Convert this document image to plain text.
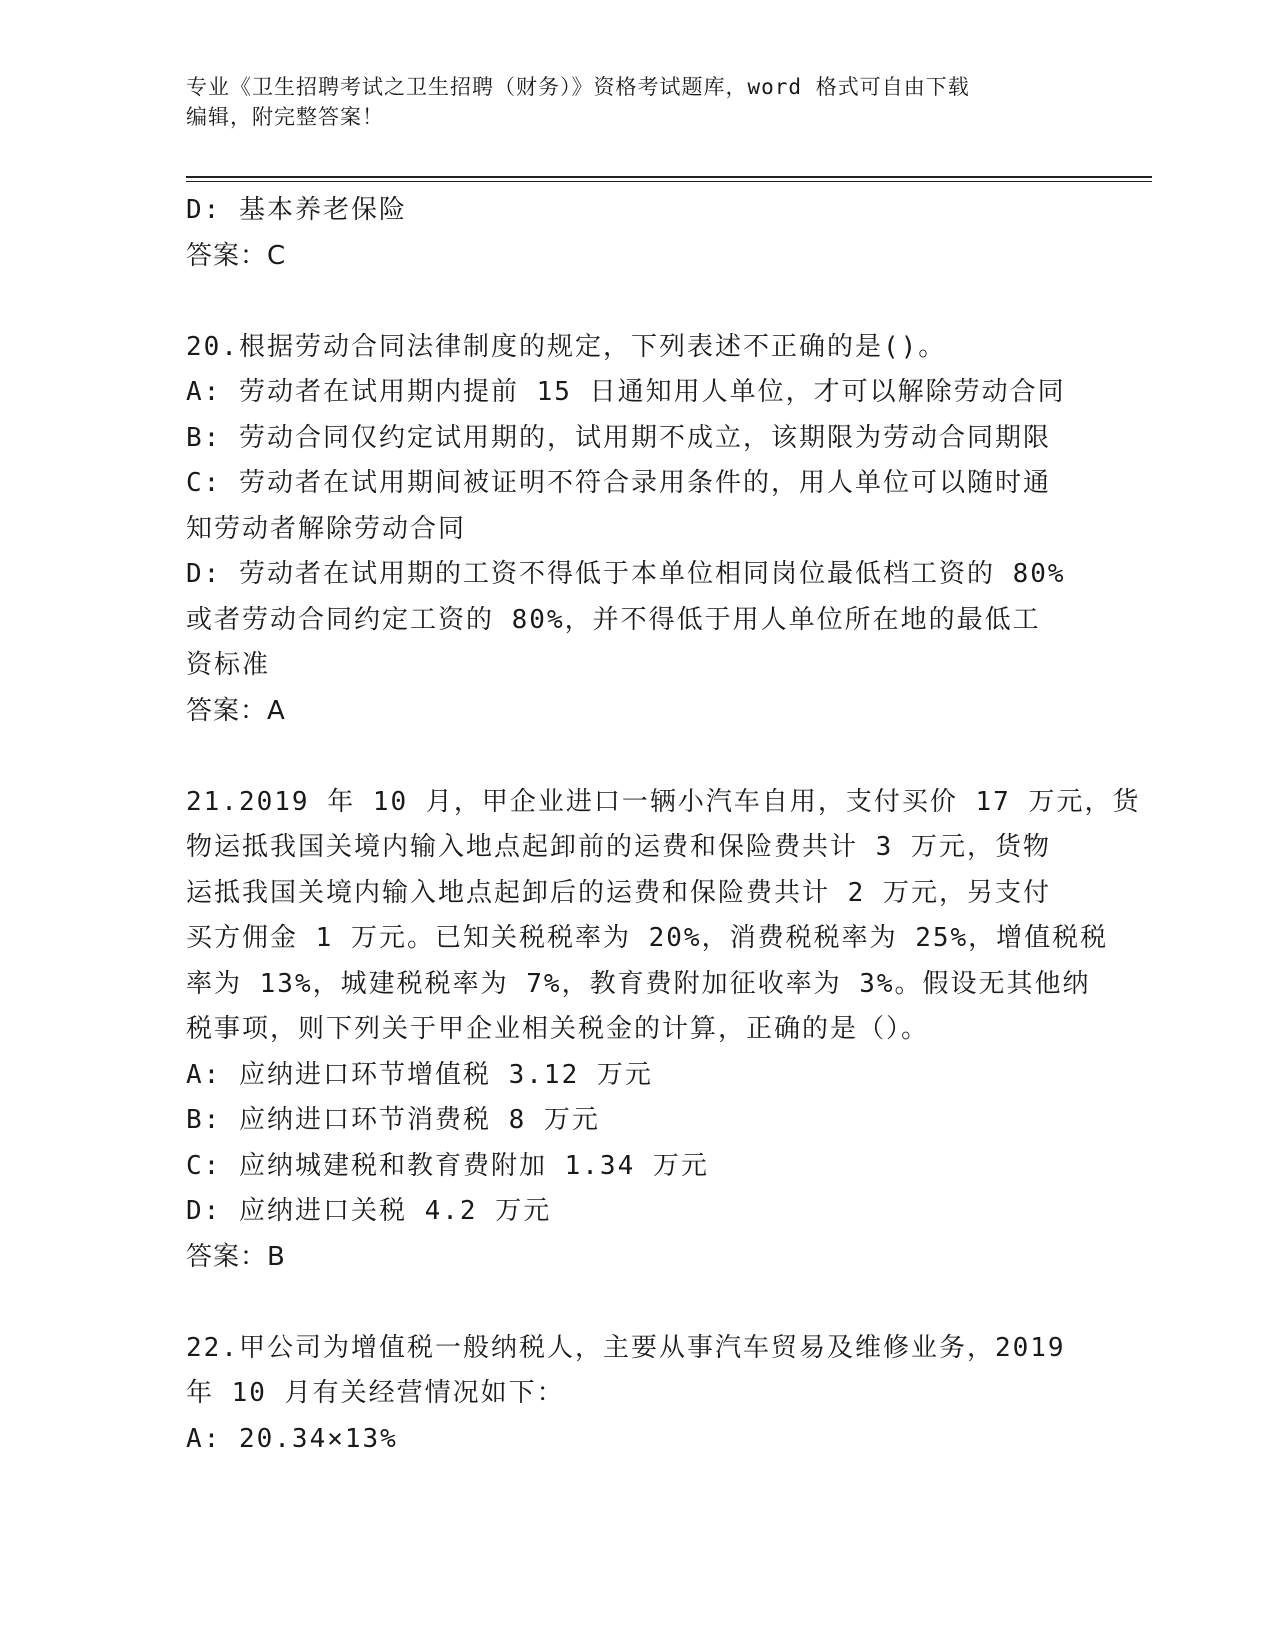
专业《卫生招聘考试之卫生招聘（财务）》资格考试题库，word 格式可自由下载
编辑，附完整答案！
D: 基本养老保险
答案：C
20.根据劳动合同法律制度的规定，下列表述不正确的是()。
A: 劳动者在试用期内提前 15 日通知用人单位，才可以解除劳动合同
B: 劳动合同仅约定试用期的，试用期不成立，该期限为劳动合同期限
C: 劳动者在试用期间被证明不符合录用条件的，用人单位可以随时通
知劳动者解除劳动合同
D: 劳动者在试用期的工资不得低于本单位相同岗位最低档工资的 80%
或者劳动合同约定工资的 80%，并不得低于用人单位所在地的最低工
资标准
答案：A
21.2019 年 10 月，甲企业进口一辆小汽车自用，支付买价 17 万元，货
物运抵我国关境内输入地点起卸前的运费和保险费共计 3 万元，货物
运抵我国关境内输入地点起卸后的运费和保险费共计 2 万元，另支付
买方佣金 1 万元。已知关税税率为 20%，消费税税率为 25%，增值税税
率为 13%，城建税税率为 7%，教育费附加征收率为 3%。假设无其他纳
税事项，则下列关于甲企业相关税金的计算，正确的是（）。
A: 应纳进口环节增值税 3.12 万元
B: 应纳进口环节消费税 8 万元
C: 应纳城建税和教育费附加 1.34 万元
D: 应纳进口关税 4.2 万元
答案：B
22.甲公司为增值税一般纳税人，主要从事汽车贸易及维修业务，2019
年 10 月有关经营情况如下：
A: 20.34×13%
